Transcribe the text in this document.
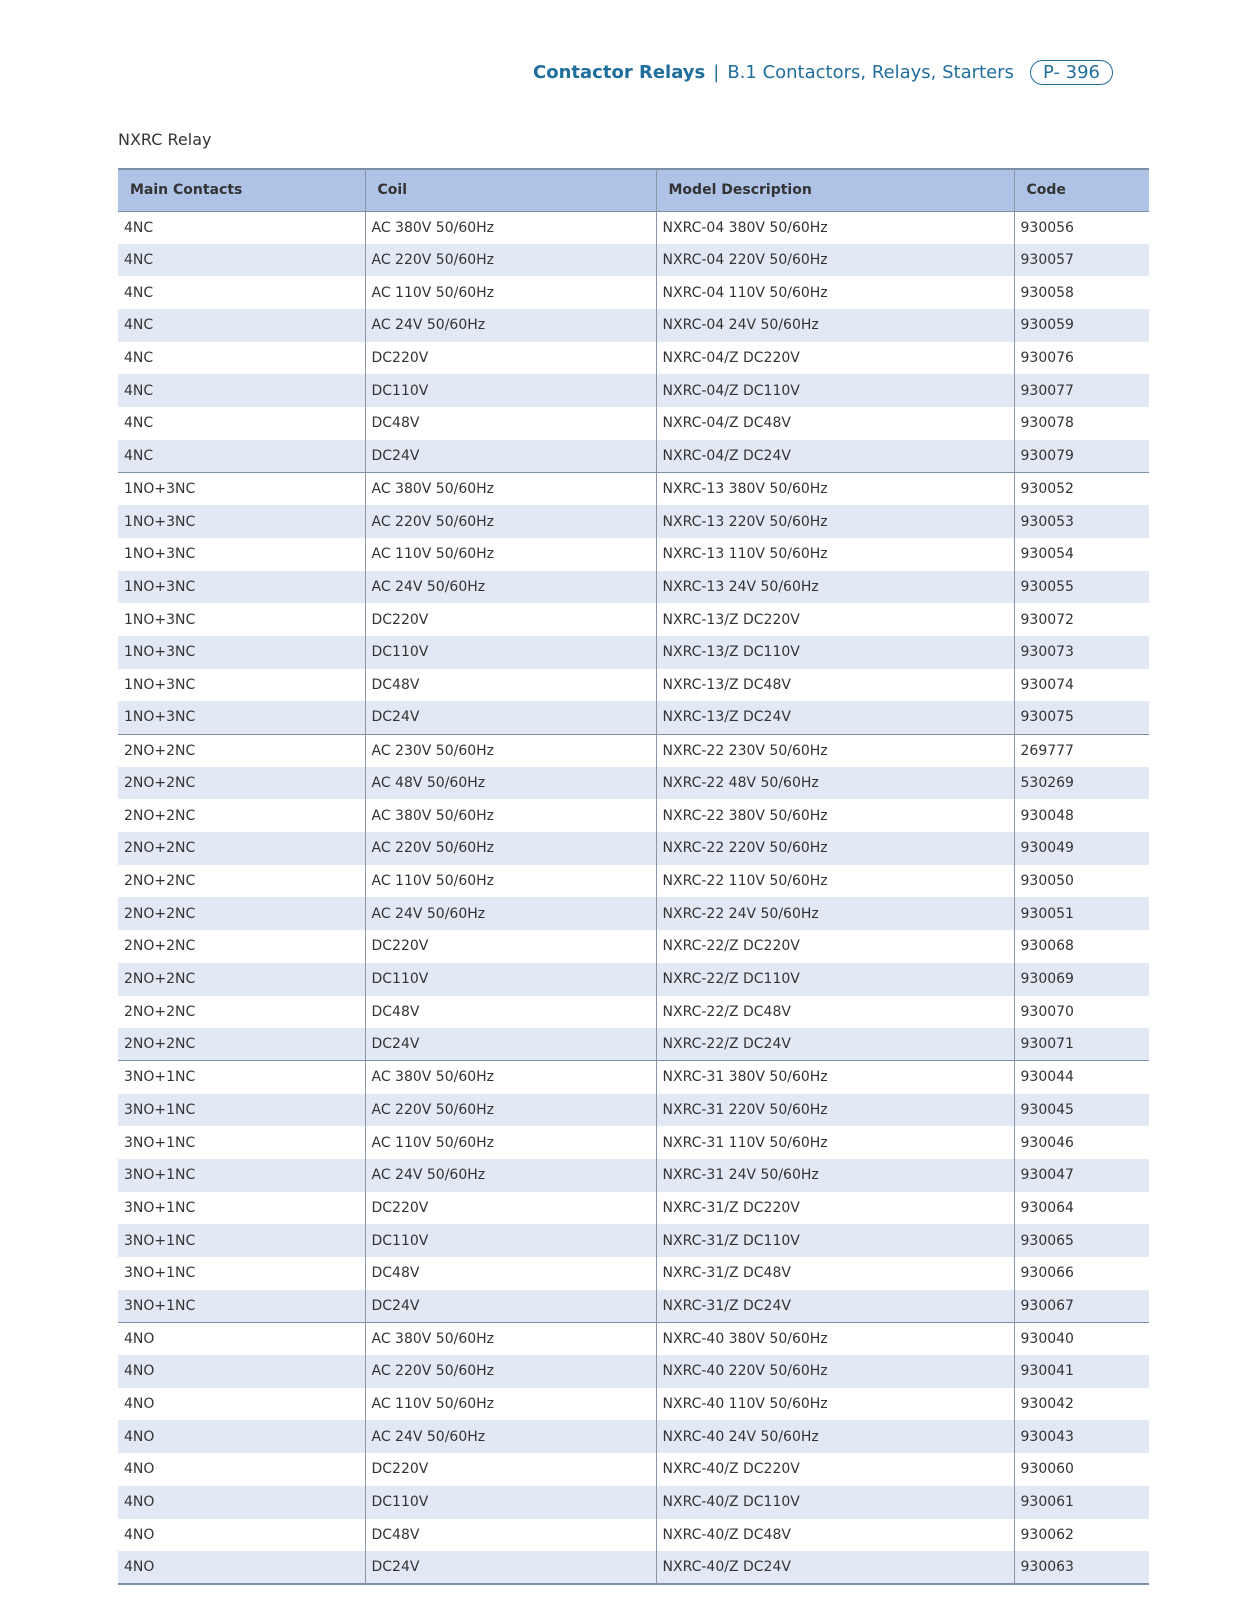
Contactor Relays | B.1 Contactors, Relays, Starters	P- 396
NXRC Relay
Main Contacts	Coil	Model Description	Code
4NC	AC 380V 50/60Hz	NXRC-04 380V 50/60Hz	930056
4NC	AC 220V 50/60Hz	NXRC-04 220V 50/60Hz	930057
4NC	AC 110V 50/60Hz	NXRC-04 110V 50/60Hz	930058
4NC	AC 24V 50/60Hz	NXRC-04 24V 50/60Hz	930059
4NC	DC220V	NXRC-04/Z DC220V	930076
4NC	DC110V	NXRC-04/Z DC110V	930077
4NC	DC48V	NXRC-04/Z DC48V	930078
4NC	DC24V	NXRC-04/Z DC24V	930079
1NO+3NC	AC 380V 50/60Hz	NXRC-13 380V 50/60Hz	930052
1NO+3NC	AC 220V 50/60Hz	NXRC-13 220V 50/60Hz	930053
1NO+3NC	AC 110V 50/60Hz	NXRC-13 110V 50/60Hz	930054
1NO+3NC	AC 24V 50/60Hz	NXRC-13 24V 50/60Hz	930055
1NO+3NC	DC220V	NXRC-13/Z DC220V	930072
1NO+3NC	DC110V	NXRC-13/Z DC110V	930073
1NO+3NC	DC48V	NXRC-13/Z DC48V	930074
1NO+3NC	DC24V	NXRC-13/Z DC24V	930075
2NO+2NC	AC 230V 50/60Hz	NXRC-22 230V 50/60Hz	269777
2NO+2NC	AC 48V 50/60Hz	NXRC-22 48V 50/60Hz	530269
2NO+2NC	AC 380V 50/60Hz	NXRC-22 380V 50/60Hz	930048
2NO+2NC	AC 220V 50/60Hz	NXRC-22 220V 50/60Hz	930049
2NO+2NC	AC 110V 50/60Hz	NXRC-22 110V 50/60Hz	930050
2NO+2NC	AC 24V 50/60Hz	NXRC-22 24V 50/60Hz	930051
2NO+2NC	DC220V	NXRC-22/Z DC220V	930068
2NO+2NC	DC110V	NXRC-22/Z DC110V	930069
2NO+2NC	DC48V	NXRC-22/Z DC48V	930070
2NO+2NC	DC24V	NXRC-22/Z DC24V	930071
3NO+1NC	AC 380V 50/60Hz	NXRC-31 380V 50/60Hz	930044
3NO+1NC	AC 220V 50/60Hz	NXRC-31 220V 50/60Hz	930045
3NO+1NC	AC 110V 50/60Hz	NXRC-31 110V 50/60Hz	930046
3NO+1NC	AC 24V 50/60Hz	NXRC-31 24V 50/60Hz	930047
3NO+1NC	DC220V	NXRC-31/Z DC220V	930064
3NO+1NC	DC110V	NXRC-31/Z DC110V	930065
3NO+1NC	DC48V	NXRC-31/Z DC48V	930066
3NO+1NC	DC24V	NXRC-31/Z DC24V	930067
4NO	AC 380V 50/60Hz	NXRC-40 380V 50/60Hz	930040
4NO	AC 220V 50/60Hz	NXRC-40 220V 50/60Hz	930041
4NO	AC 110V 50/60Hz	NXRC-40 110V 50/60Hz	930042
4NO	AC 24V 50/60Hz	NXRC-40 24V 50/60Hz	930043
4NO	DC220V	NXRC-40/Z DC220V	930060
4NO	DC110V	NXRC-40/Z DC110V	930061
4NO	DC48V	NXRC-40/Z DC48V	930062
4NO	DC24V	NXRC-40/Z DC24V	930063
